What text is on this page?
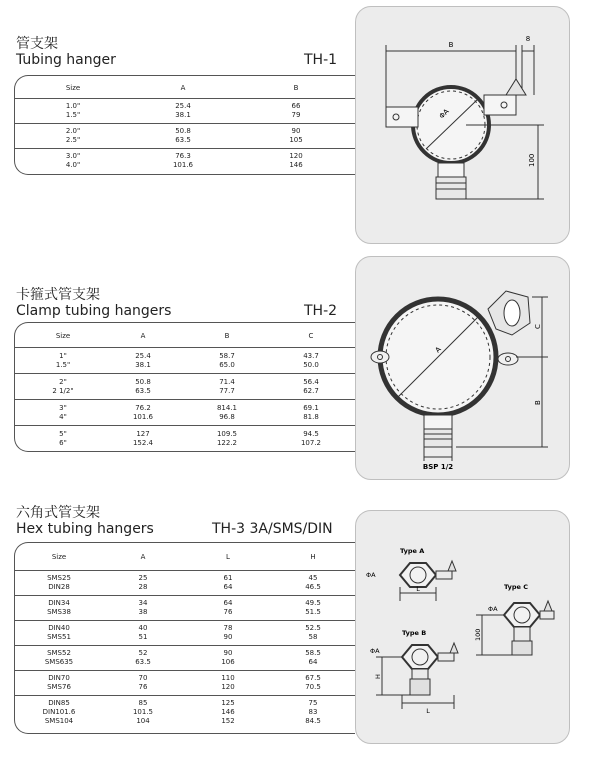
管支架
Tubing hanger	TH-1
Size	A	B
1.0"	25.4	66
1.5"	38.1	79
2.0"	50.8	90
2.5"	63.5	105
3.0"	76.3	120
4.0"	101.6	146
B
8
ΦA
100
卡箍式管支架
Clamp tubing hangers	TH-2
Size	A	B	C
1"	25.4	58.7	43.7
1.5"	38.1	65.0	50.0
2"	50.8	71.4	56.4
2 1/2"	63.5	77.7	62.7
3"	76.2	814.1	69.1
4"	101.6	96.8	81.8
5"	127	109.5	94.5
6"	152.4	122.2	107.2
A
C
B
BSP 1/2
六角式管支架
Hex tubing hangers	TH-3 3A/SMS/DIN
Size	A	L	H
SMS25	25	61	45
DIN28	28	64	46.5
DIN34	34	64	49.5
SMS38	38	76	51.5
DIN40	40	78	52.5
SMS51	51	90	58
SMS52	52	90	58.5
SMS635	63.5	106	64
DIN70	70	110	67.5
SMS76	76	120	70.5
DIN85	85	125	75
DIN101.6	101.5	146	83
SMS104	104	152	84.5
Type A
Type C
Type B
ΦA
L
ΦA
100
ΦA
H
L
